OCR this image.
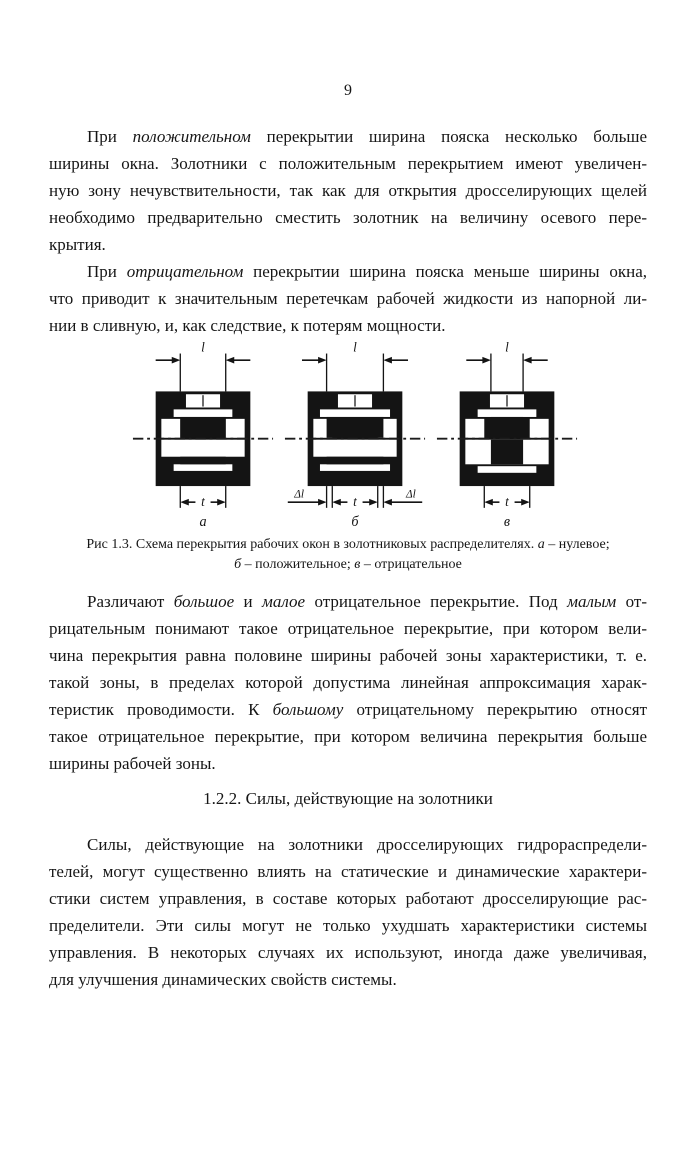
9
При положительном перекрытии ширина пояска несколько больше
ширины окна. Золотники с положительным перекрытием имеют увеличен-
ную зону нечувствительности, так как для открытия дросселирующих щелей
необходимо предварительно сместить золотник на величину осевого пере-
крытия.
При отрицательном перекрытии ширина пояска меньше ширины окна,
что приводит к значительным перетечкам рабочей жидкости из напорной ли-
нии в сливную, и, как следствие, к потерям мощности.
l
t
а
l
t
Δl	Δl
б
l
t
в
Рис 1.3. Схема перекрытия рабочих окон в золотниковых распределителях. а – нулевое;
б – положительное; в – отрицательное
Различают большое и малое отрицательное перекрытие. Под малым от-
рицательным понимают такое отрицательное перекрытие, при котором вели-
чина перекрытия равна половине ширины рабочей зоны характеристики, т. е.
такой зоны, в пределах которой допустима линейная аппроксимация харак-
теристик проводимости. К большому отрицательному перекрытию относят
такое отрицательное перекрытие, при котором величина перекрытия больше
ширины рабочей зоны.
1.2.2. Силы, действующие на золотники
Силы, действующие на золотники дросселирующих гидрораспредели-
телей, могут существенно влиять на статические и динамические характери-
стики систем управления, в составе которых работают дросселирующие рас-
пределители. Эти силы могут не только ухудшать характеристики системы
управления. В некоторых случаях их используют, иногда даже увеличивая,
для улучшения динамических свойств системы.
